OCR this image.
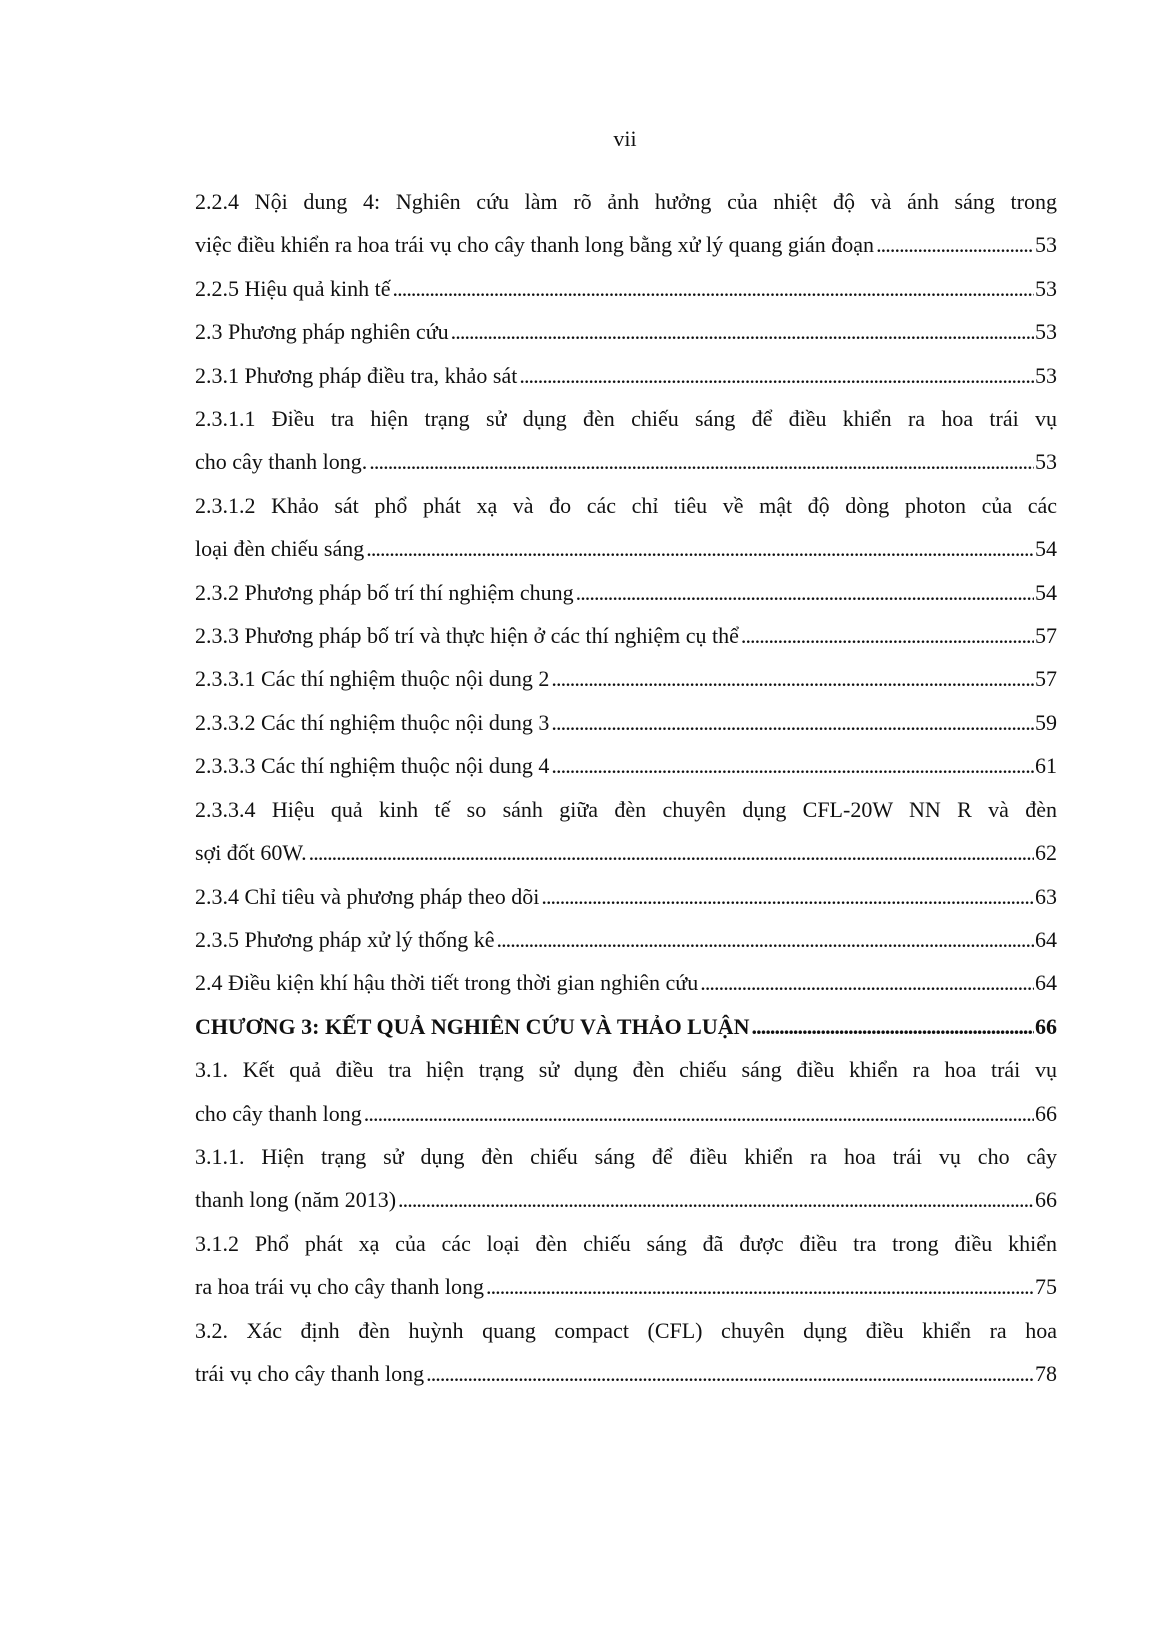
vii
2.2.4 Nội dung 4: Nghiên cứu làm rõ ảnh hưởng của nhiệt độ và ánh sáng trong
việc điều khiển ra hoa trái vụ cho cây thanh long bằng xử lý quang gián đoạn . . .	53
2.2.5 Hiệu quả kinh tế . . .	53
2.3 Phương pháp nghiên cứu . . .	53
2.3.1 Phương pháp điều tra, khảo sát . . .	53
2.3.1.1 Điều tra hiện trạng sử dụng đèn chiếu sáng để điều khiển ra hoa trái vụ
cho cây thanh long. . . .	53
2.3.1.2 Khảo sát phổ phát xạ và đo các chỉ tiêu về mật độ dòng photon của các
loại đèn chiếu sáng . . .	54
2.3.2 Phương pháp bố trí thí nghiệm chung . . .	54
2.3.3 Phương pháp bố trí và thực hiện ở các thí nghiệm cụ thể . . .	57
2.3.3.1 Các thí nghiệm thuộc nội dung 2 . . .	57
2.3.3.2 Các thí nghiệm thuộc nội dung 3 . . .	59
2.3.3.3 Các thí nghiệm thuộc nội dung 4 . . .	61
2.3.3.4 Hiệu quả kinh tế so sánh giữa đèn chuyên dụng CFL-20W NN R và đèn
sợi đốt 60W. . . .	62
2.3.4 Chỉ tiêu và phương pháp theo dõi . . .	63
2.3.5 Phương pháp xử lý thống kê . . .	64
2.4 Điều kiện khí hậu thời tiết trong thời gian nghiên cứu . . .	64
CHƯƠNG 3: KẾT QUẢ NGHIÊN CỨU VÀ THẢO LUẬN . . .	66
3.1. Kết quả điều tra hiện trạng sử dụng đèn chiếu sáng điều khiển ra hoa trái vụ
cho cây thanh long . . .	66
3.1.1. Hiện trạng sử dụng đèn chiếu sáng để điều khiển ra hoa trái vụ cho cây
thanh long (năm 2013) . . .	66
3.1.2 Phổ phát xạ của các loại đèn chiếu sáng đã được điều tra trong điều khiển
ra hoa trái vụ cho cây thanh long . . .	75
3.2. Xác định đèn huỳnh quang compact (CFL) chuyên dụng điều khiển ra hoa
trái vụ cho cây thanh long . . .	78
